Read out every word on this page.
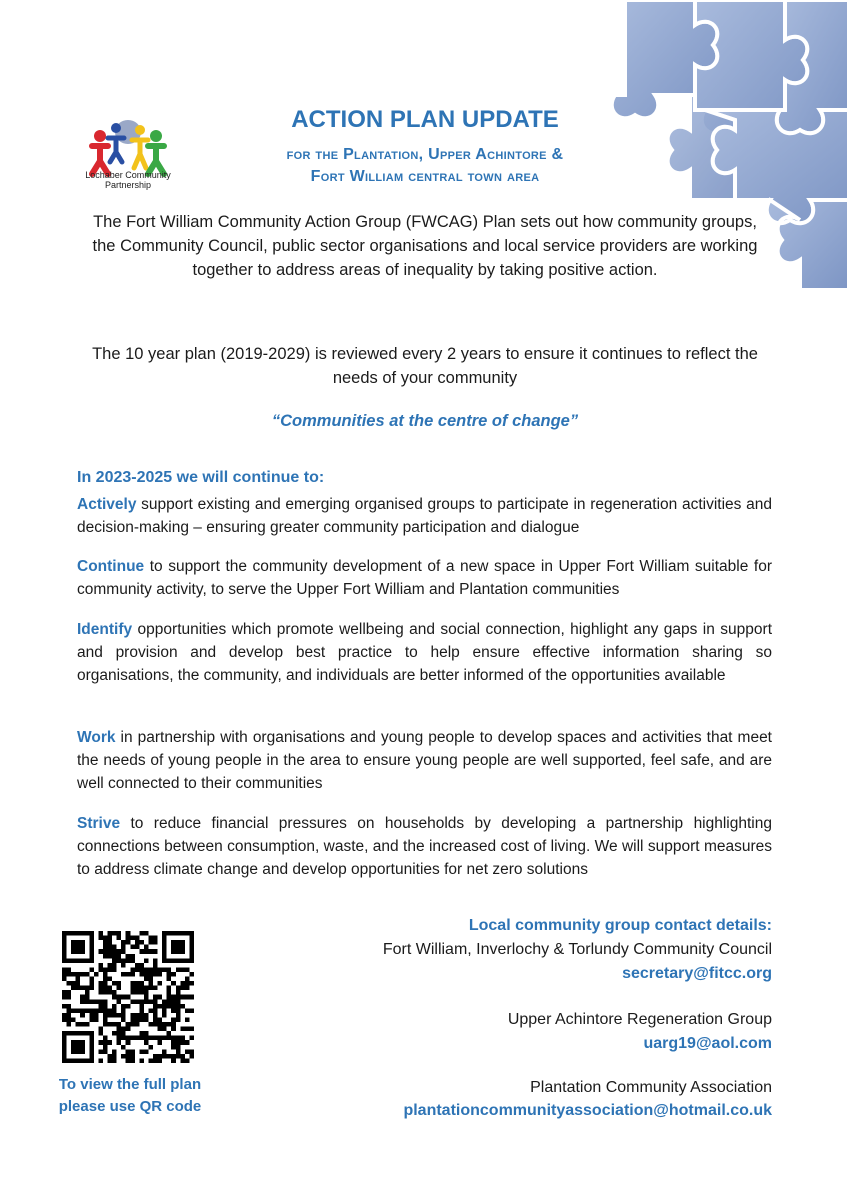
Lochaber Community Partnership
ACTION PLAN UPDATE
for the Plantation, Upper Achintore &
Fort William central town area
The Fort William Community Action Group (FWCAG) Plan sets out how community groups, the Community Council, public sector organisations and local service providers are working together to address areas of inequality by taking positive action.
The 10 year plan (2019-2029) is reviewed every 2 years to ensure it continues to reflect the needs of your community
“Communities at the centre of change”
In 2023-2025 we will continue to:
Actively support existing and emerging organised groups to participate in regeneration activities and decision-making – ensuring greater community participation and dialogue
Continue to support the community development of a new space in Upper Fort William suitable for community activity, to serve the Upper Fort William and Plantation communities
Identify opportunities which promote wellbeing and social connection, highlight any gaps in support and provision and develop best practice to help ensure effective information sharing so organisations, the community, and individuals are better informed of the opportunities available
Work in partnership with organisations and young people to develop spaces and activities that meet the needs of young people in the area to ensure young people are well supported, feel safe, and are well connected to their communities
Strive to reduce financial pressures on households by developing a partnership highlighting connections between consumption, waste, and the increased cost of living. We will support measures to address climate change and develop opportunities for net zero solutions
To view the full plan
please use QR code
Local community group contact details:
Fort William, Inverlochy & Torlundy Community Council
secretary@fitcc.org
Upper Achintore Regeneration Group
uarg19@aol.com
Plantation Community Association
plantationcommunityassociation@hotmail.co.uk
